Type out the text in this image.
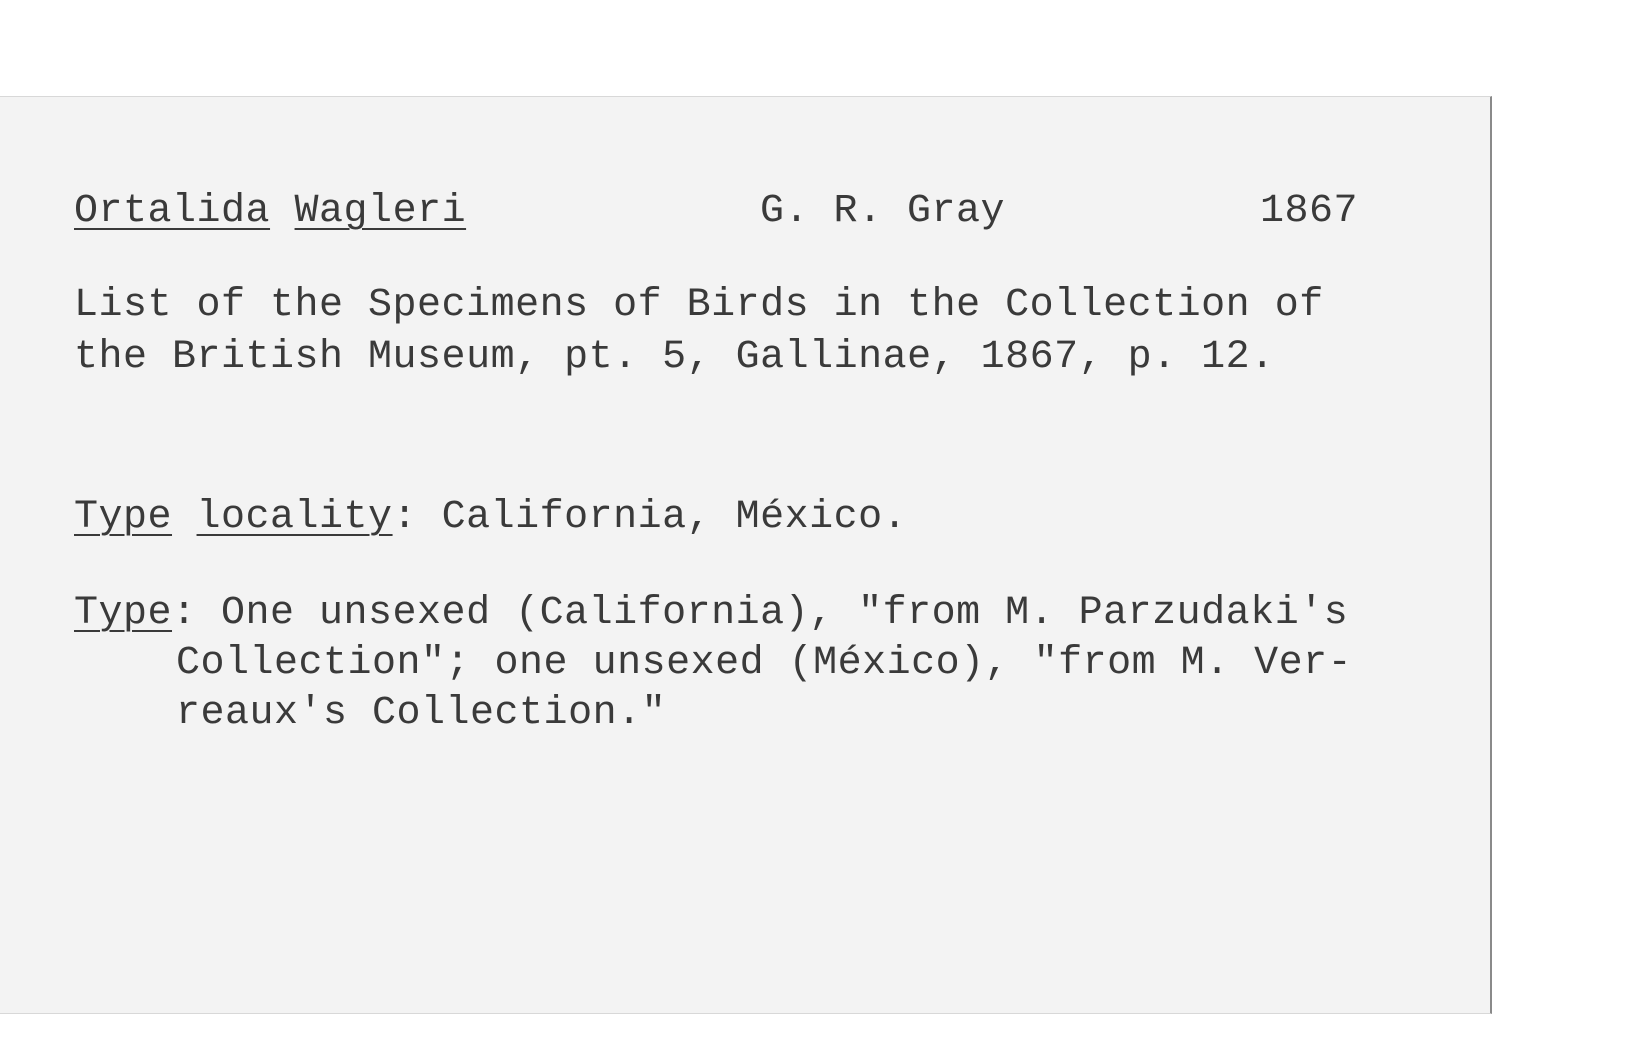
Ortalida Wagleri	G. R. Gray	1867
List of the Specimens of Birds in the Collection of
the British Museum, pt. 5, Gallinae, 1867, p. 12.
Type locality: California, México.
Type: One unsexed (California), "from M. Parzudaki's
Collection"; one unsexed (México), "from M. Ver-
reaux's Collection."
